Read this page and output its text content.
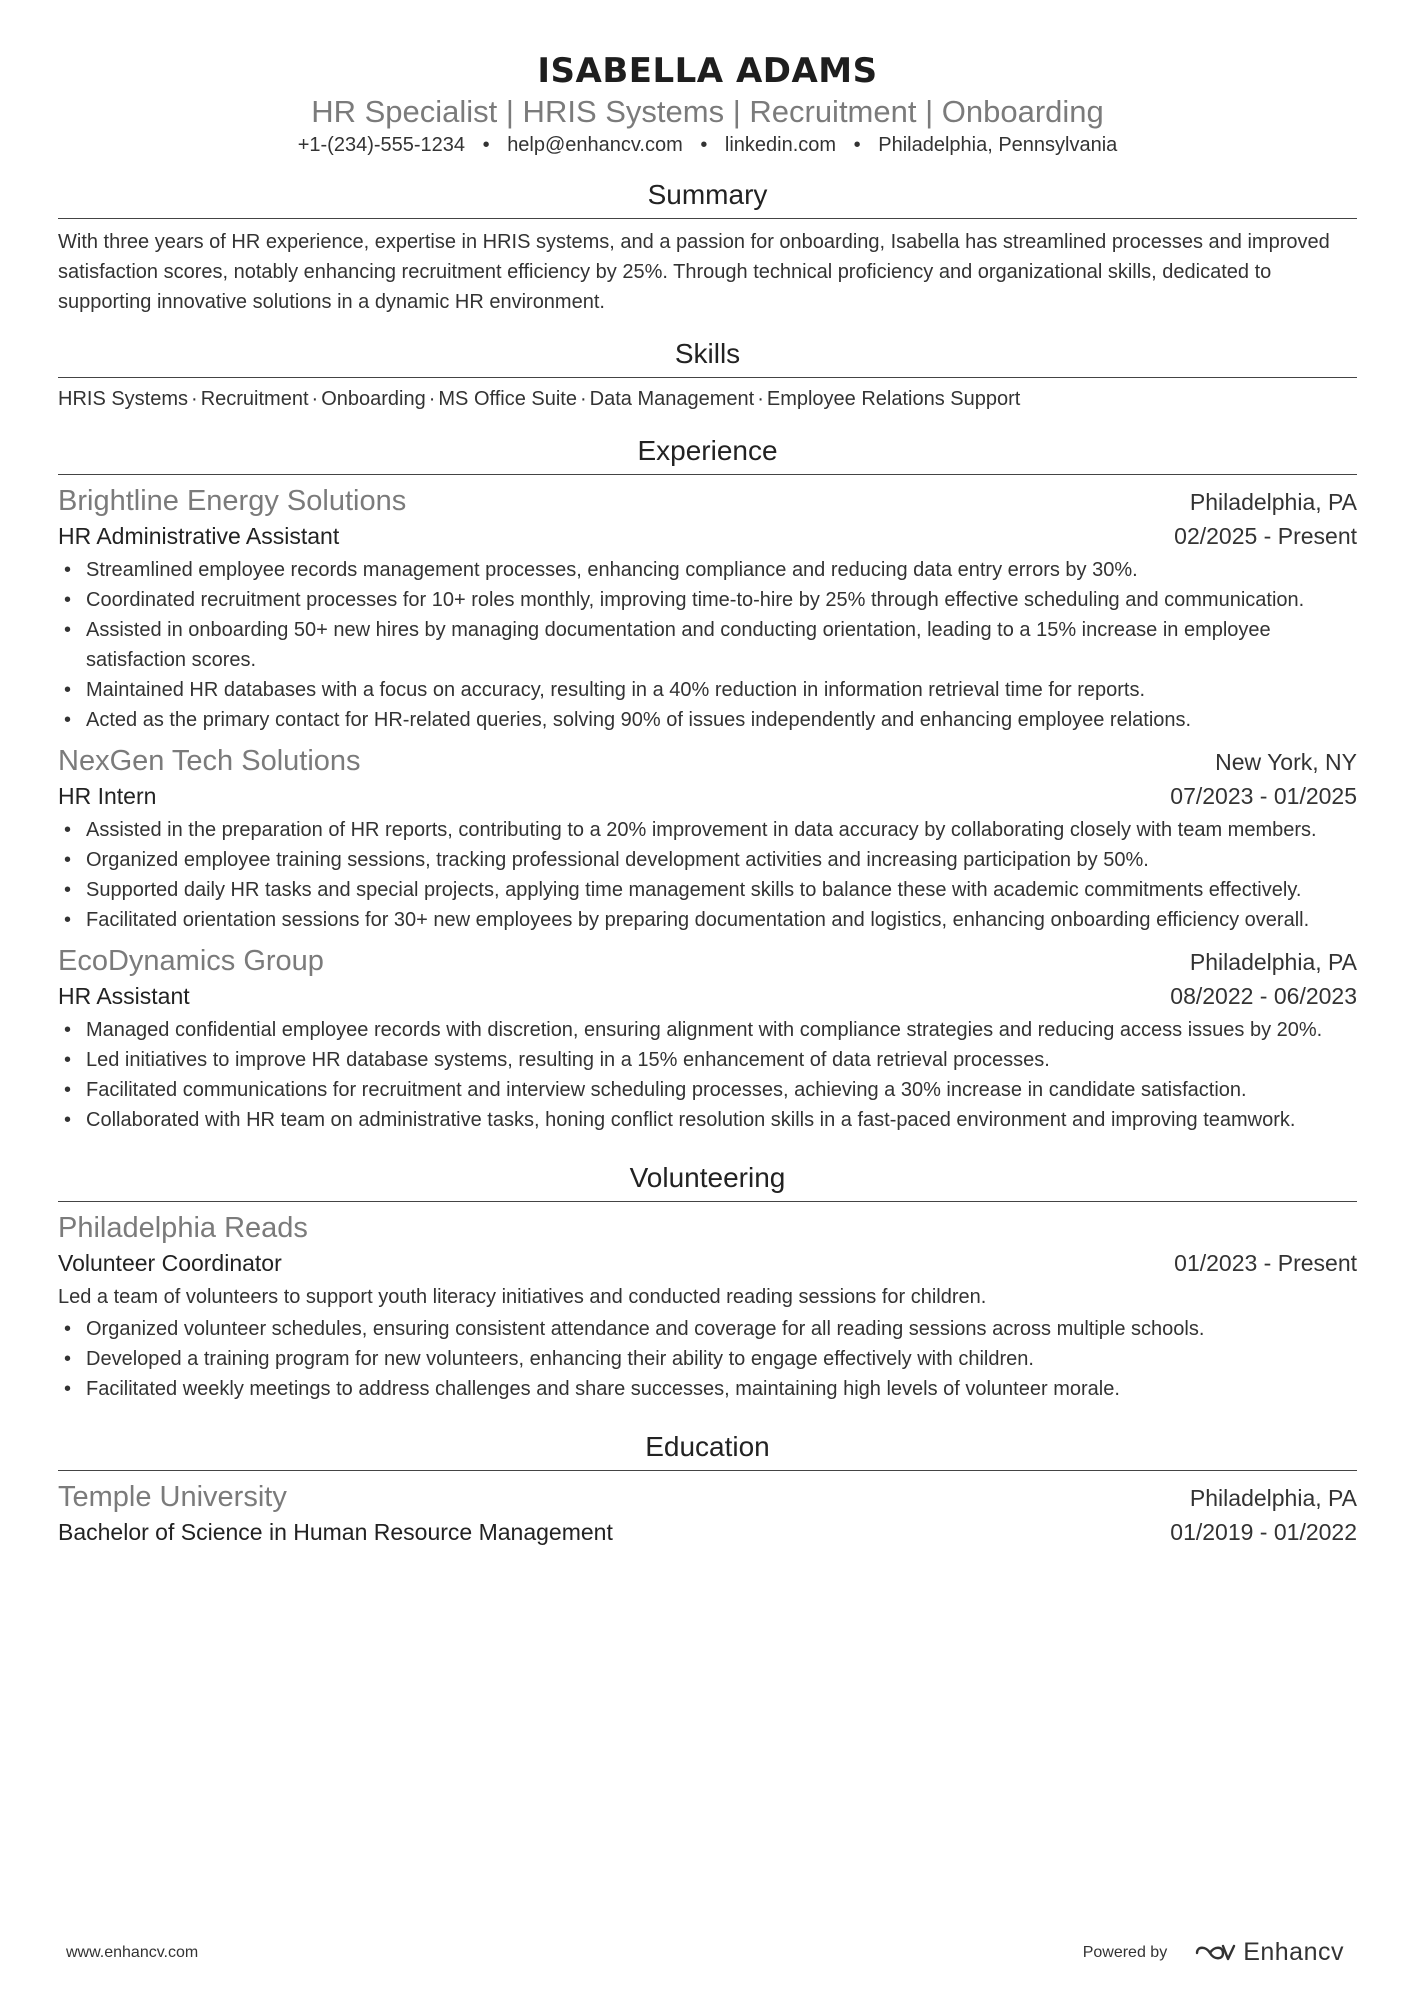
ISABELLA ADAMS
HR Specialist | HRIS Systems | Recruitment | Onboarding
+1-(234)-555-1234 • help@enhancv.com • linkedin.com • Philadelphia, Pennsylvania
Summary
With three years of HR experience, expertise in HRIS systems, and a passion for onboarding, Isabella has streamlined processes and improved satisfaction scores, notably enhancing recruitment efficiency by 25%. Through technical proficiency and organizational skills, dedicated to supporting innovative solutions in a dynamic HR environment.
Skills
HRIS Systems · Recruitment · Onboarding · MS Office Suite · Data Management · Employee Relations Support
Experience
Brightline Energy Solutions	Philadelphia, PA
HR Administrative Assistant	02/2025 - Present
• Streamlined employee records management processes, enhancing compliance and reducing data entry errors by 30%.
• Coordinated recruitment processes for 10+ roles monthly, improving time-to-hire by 25% through effective scheduling and communication.
• Assisted in onboarding 50+ new hires by managing documentation and conducting orientation, leading to a 15% increase in employee satisfaction scores.
• Maintained HR databases with a focus on accuracy, resulting in a 40% reduction in information retrieval time for reports.
• Acted as the primary contact for HR-related queries, solving 90% of issues independently and enhancing employee relations.
NexGen Tech Solutions	New York, NY
HR Intern	07/2023 - 01/2025
• Assisted in the preparation of HR reports, contributing to a 20% improvement in data accuracy by collaborating closely with team members.
• Organized employee training sessions, tracking professional development activities and increasing participation by 50%.
• Supported daily HR tasks and special projects, applying time management skills to balance these with academic commitments effectively.
• Facilitated orientation sessions for 30+ new employees by preparing documentation and logistics, enhancing onboarding efficiency overall.
EcoDynamics Group	Philadelphia, PA
HR Assistant	08/2022 - 06/2023
• Managed confidential employee records with discretion, ensuring alignment with compliance strategies and reducing access issues by 20%.
• Led initiatives to improve HR database systems, resulting in a 15% enhancement of data retrieval processes.
• Facilitated communications for recruitment and interview scheduling processes, achieving a 30% increase in candidate satisfaction.
• Collaborated with HR team on administrative tasks, honing conflict resolution skills in a fast-paced environment and improving teamwork.
Volunteering
Philadelphia Reads
Volunteer Coordinator	01/2023 - Present
Led a team of volunteers to support youth literacy initiatives and conducted reading sessions for children.
• Organized volunteer schedules, ensuring consistent attendance and coverage for all reading sessions across multiple schools.
• Developed a training program for new volunteers, enhancing their ability to engage effectively with children.
• Facilitated weekly meetings to address challenges and share successes, maintaining high levels of volunteer morale.
Education
Temple University	Philadelphia, PA
Bachelor of Science in Human Resource Management	01/2019 - 01/2022
www.enhancv.com	Powered by	Enhancv
